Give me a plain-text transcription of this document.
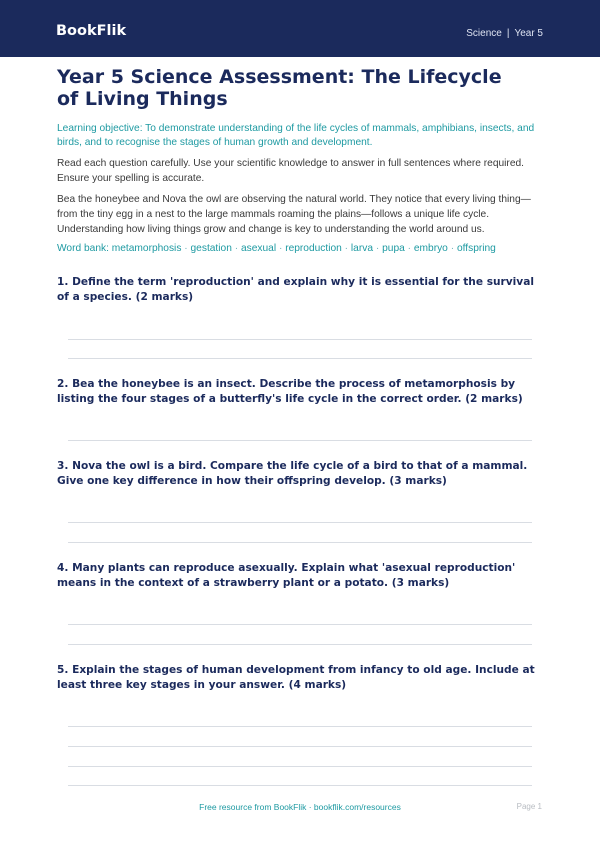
BookFlik	Science | Year 5
Year 5 Science Assessment: The Lifecycle of Living Things
Learning objective: To demonstrate understanding of the life cycles of mammals, amphibians, insects, and birds, and to recognise the stages of human growth and development.
Read each question carefully. Use your scientific knowledge to answer in full sentences where required. Ensure your spelling is accurate.
Bea the honeybee and Nova the owl are observing the natural world. They notice that every living thing—from the tiny egg in a nest to the large mammals roaming the plains—follows a unique life cycle. Understanding how living things grow and change is key to understanding the world around us.
Word bank: metamorphosis · gestation · asexual · reproduction · larva · pupa · embryo · offspring
1. Define the term 'reproduction' and explain why it is essential for the survival of a species. (2 marks)
2. Bea the honeybee is an insect. Describe the process of metamorphosis by listing the four stages of a butterfly's life cycle in the correct order. (2 marks)
3. Nova the owl is a bird. Compare the life cycle of a bird to that of a mammal. Give one key difference in how their offspring develop. (3 marks)
4. Many plants can reproduce asexually. Explain what 'asexual reproduction' means in the context of a strawberry plant or a potato. (3 marks)
5. Explain the stages of human development from infancy to old age. Include at least three key stages in your answer. (4 marks)
Free resource from BookFlik · bookflik.com/resources	Page 1
